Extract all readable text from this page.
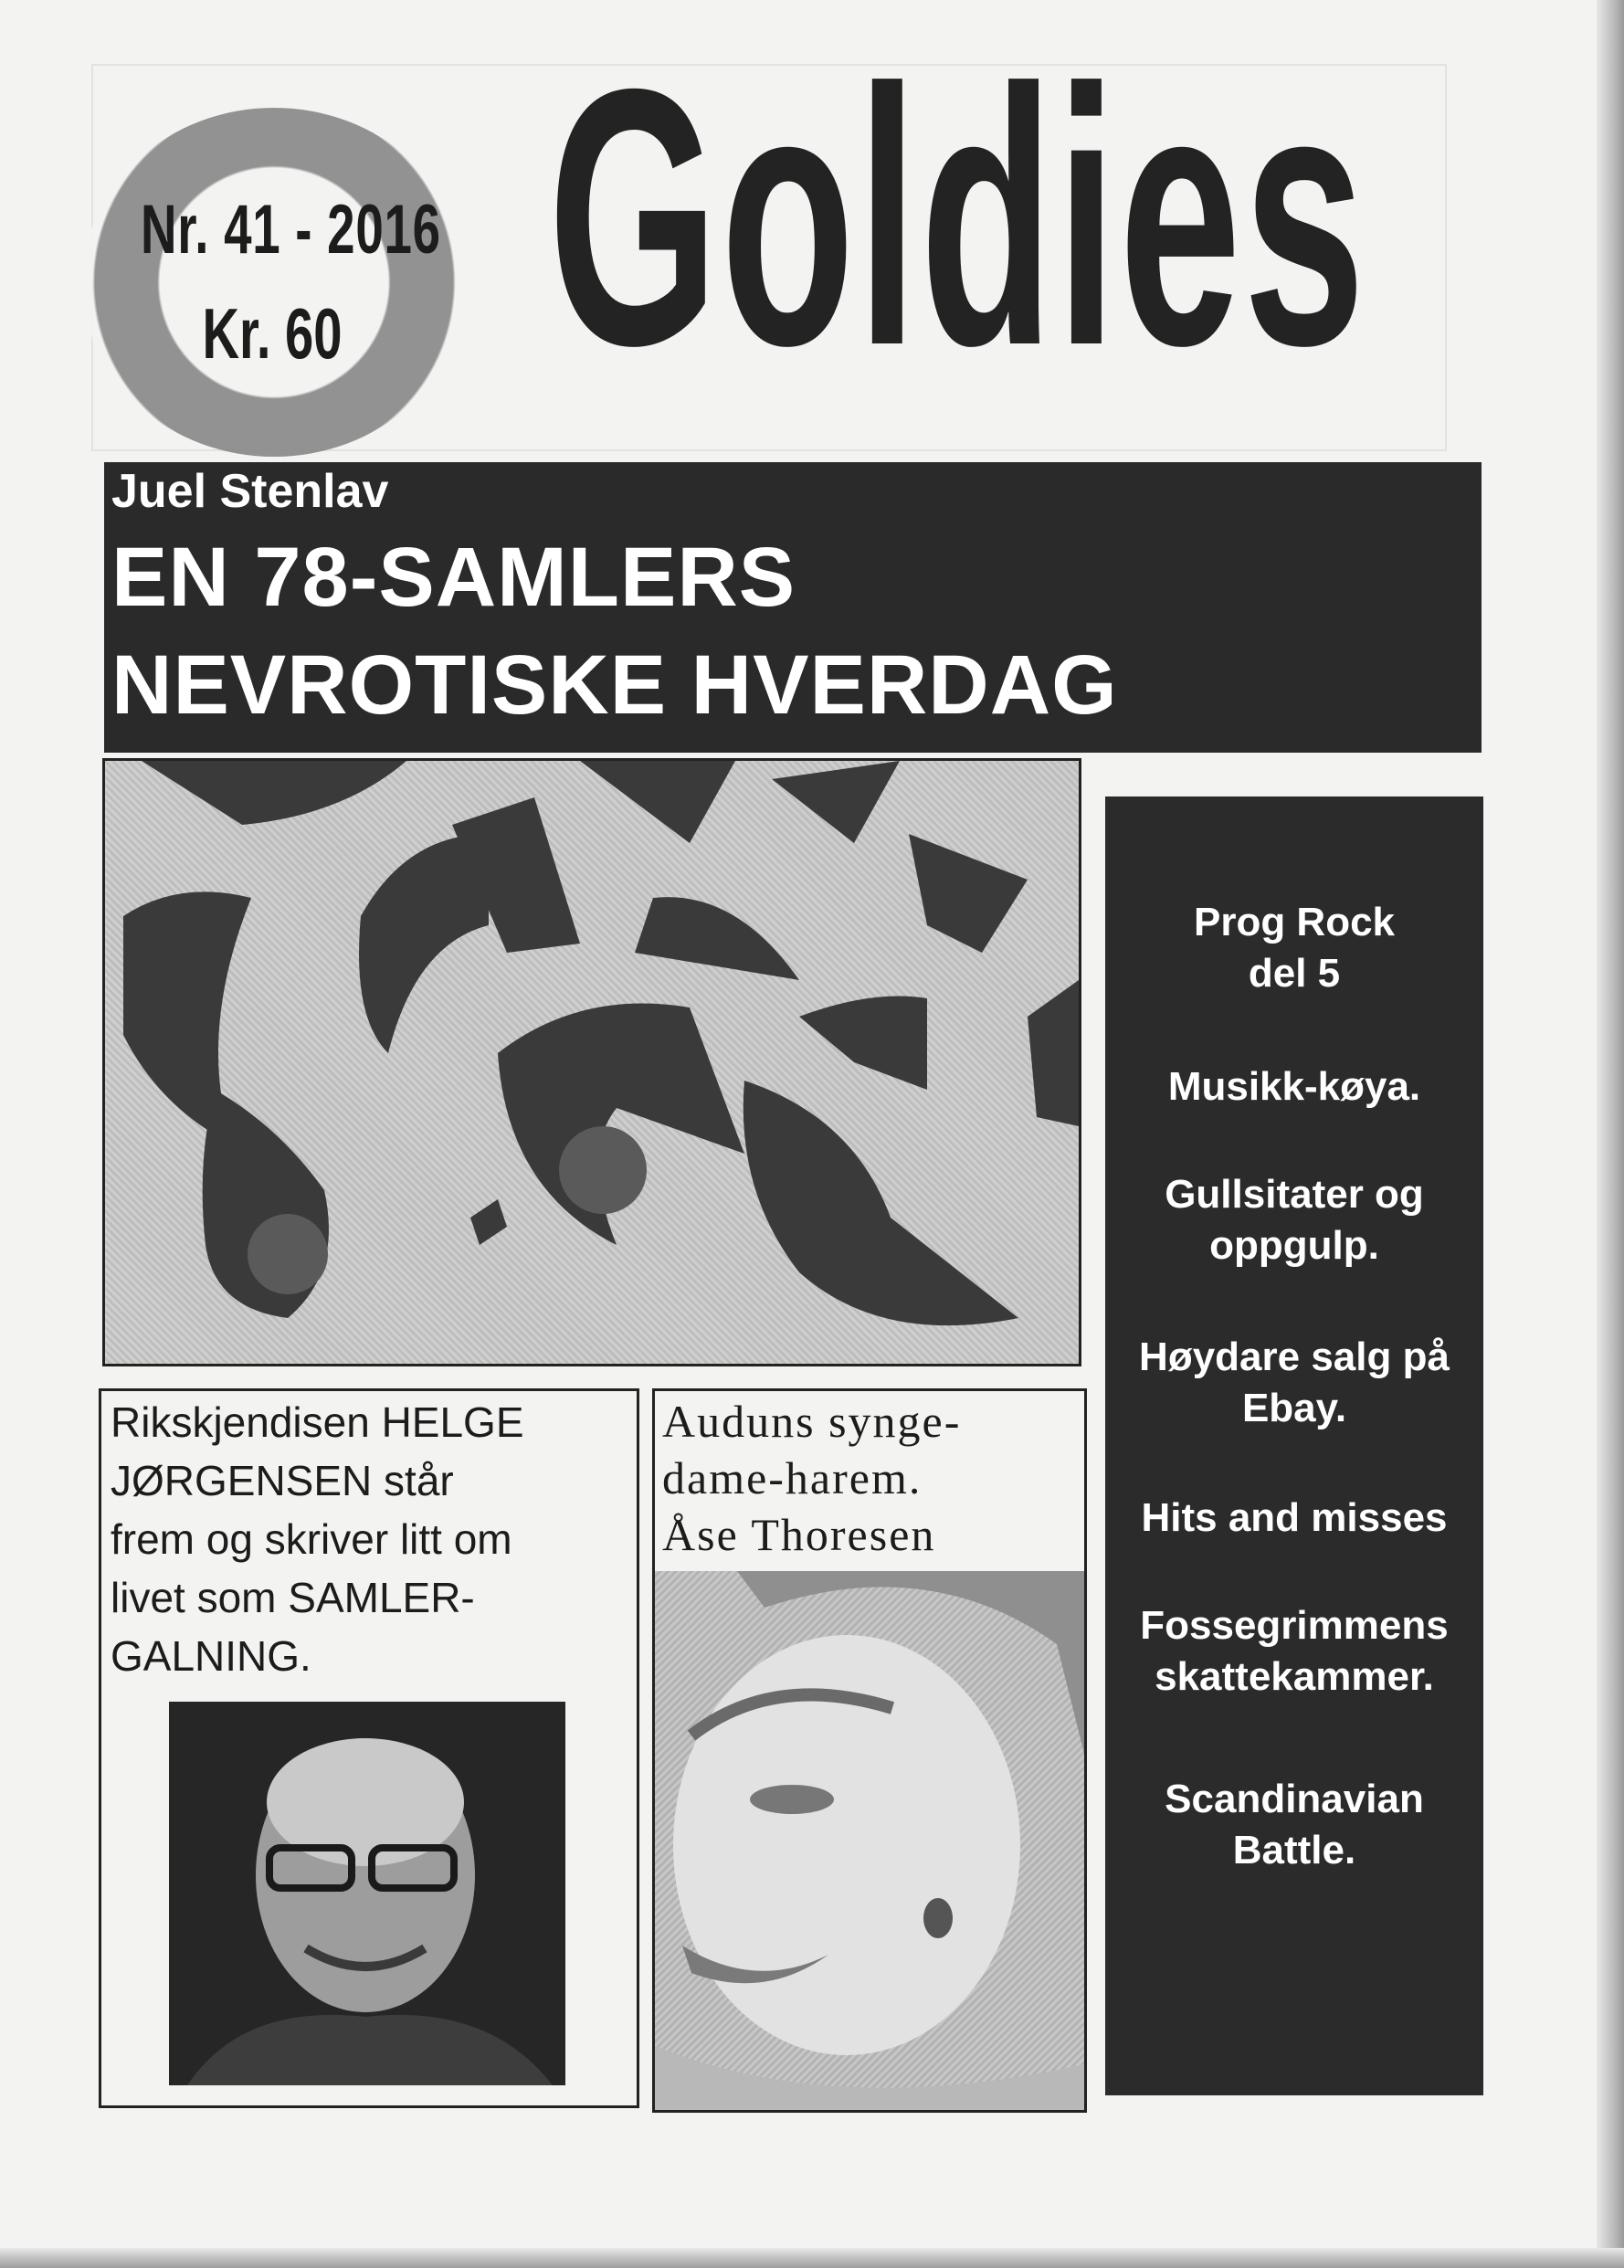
Nr. 41 - 2016
Kr. 60 Goldies
Juel Stenlav
EN 78-SAMLERS
NEVROTISKE HVERDAG
Prog Rock
del 5
Musikk-køya.
Gullsitater og
oppgulp.
Høydare salg på
Ebay.
Hits and misses
Fossegrimmens
skattekammer.
Scandinavian
Battle.
Rikskjendisen HELGE
JØRGENSEN står
frem og skriver litt om
livet som SAMLER-
GALNING.
Auduns synge-
dame-harem.
Åse Thoresen
